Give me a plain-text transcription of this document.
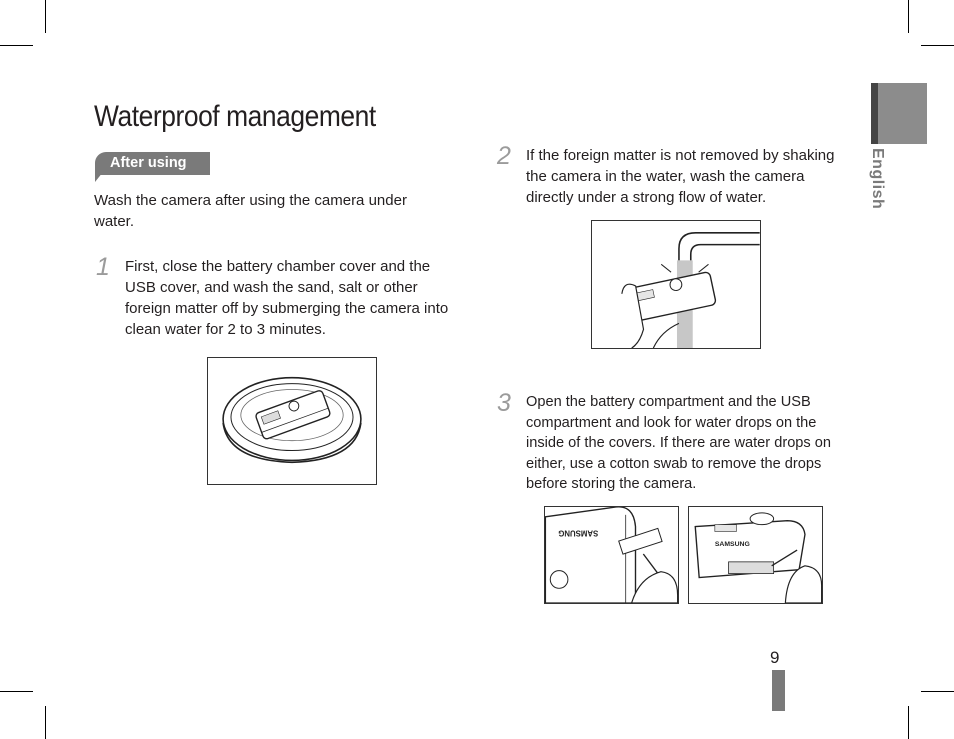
Waterproof management
After using
Wash the camera after using the camera under water.
1 First, close the battery chamber cover and the USB cover, and wash the sand, salt or other foreign matter off by submerging the camera into clean water for 2 to 3 minutes.
2 If the foreign matter is not removed by shaking the camera in the water, wash the camera directly under a strong flow of water.
3 Open the battery compartment and the USB compartment and look for water drops on the inside of the covers. If there are water drops on either, use a cotton swab to remove the drops before storing the camera.
SAMSUNG
SAMSUNG
English
9
